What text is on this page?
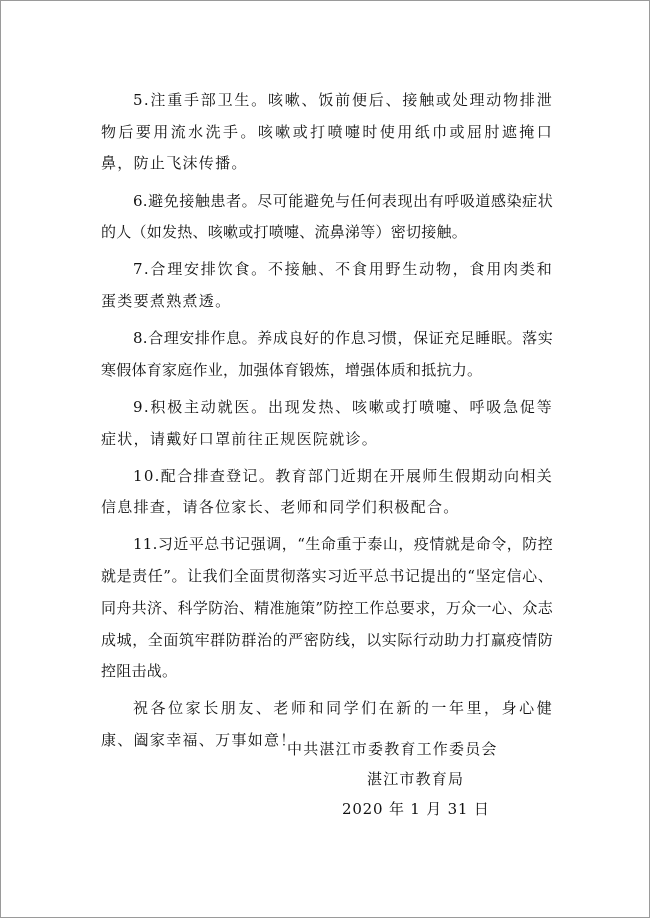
5.注重手部卫生。咳嗽、饭前便后、接触或处理动物排泄物后要用流水洗手。咳嗽或打喷嚏时使用纸巾或屈肘遮掩口鼻，防止飞沫传播。

6.避免接触患者。尽可能避免与任何表现出有呼吸道感染症状的人（如发热、咳嗽或打喷嚏、流鼻涕等）密切接触。

7.合理安排饮食。不接触、不食用野生动物，食用肉类和蛋类要煮熟煮透。

8.合理安排作息。养成良好的作息习惯，保证充足睡眠。落实寒假体育家庭作业，加强体育锻炼，增强体质和抵抗力。

9.积极主动就医。出现发热、咳嗽或打喷嚏、呼吸急促等症状，请戴好口罩前往正规医院就诊。

10.配合排查登记。教育部门近期在开展师生假期动向相关信息排查，请各位家长、老师和同学们积极配合。

11.习近平总书记强调，“生命重于泰山，疫情就是命令，防控就是责任”。让我们全面贯彻落实习近平总书记提出的“坚定信心、同舟共济、科学防治、精准施策”防控工作总要求，万众一心、众志成城，全面筑牢群防群治的严密防线，以实际行动助力打赢疫情防控阻击战。

祝各位家长朋友、老师和同学们在新的一年里，身心健康、阖家幸福、万事如意！

中共湛江市委教育工作委员会
湛江市教育局
2020 年 1 月 31 日
